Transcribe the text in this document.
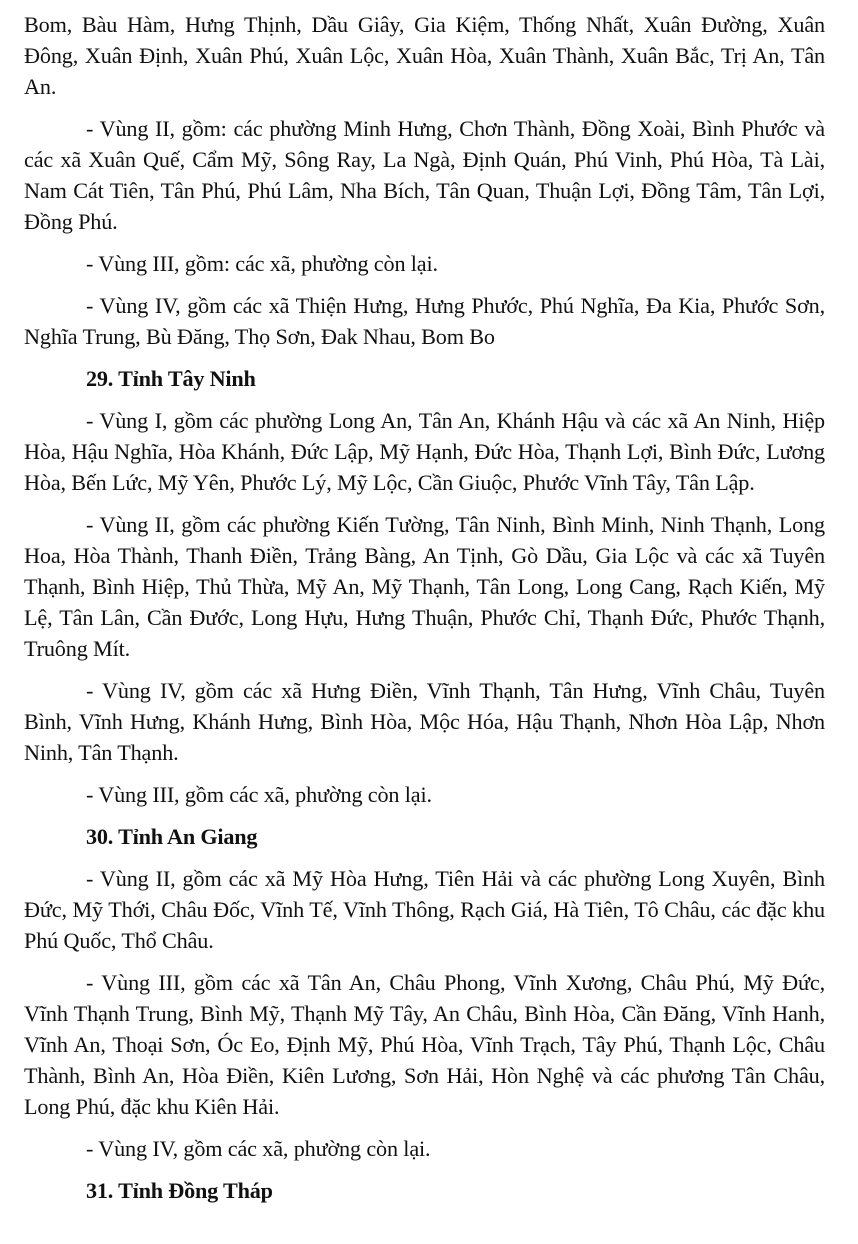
Bom, Bàu Hàm, Hưng Thịnh, Dầu Giây, Gia Kiệm, Thống Nhất, Xuân Đường, Xuân Đông, Xuân Định, Xuân Phú, Xuân Lộc, Xuân Hòa, Xuân Thành, Xuân Bắc, Trị An, Tân An.

- Vùng II, gồm: các phường Minh Hưng, Chơn Thành, Đồng Xoài, Bình Phước và các xã Xuân Quế, Cẩm Mỹ, Sông Ray, La Ngà, Định Quán, Phú Vinh, Phú Hòa, Tà Lài, Nam Cát Tiên, Tân Phú, Phú Lâm, Nha Bích, Tân Quan, Thuận Lợi, Đồng Tâm, Tân Lợi, Đồng Phú.

- Vùng III, gồm: các xã, phường còn lại.

- Vùng IV, gồm các xã Thiện Hưng, Hưng Phước, Phú Nghĩa, Đa Kia, Phước Sơn, Nghĩa Trung, Bù Đăng, Thọ Sơn, Đak Nhau, Bom Bo

29. Tỉnh Tây Ninh

- Vùng I, gồm các phường Long An, Tân An, Khánh Hậu và các xã An Ninh, Hiệp Hòa, Hậu Nghĩa, Hòa Khánh, Đức Lập, Mỹ Hạnh, Đức Hòa, Thạnh Lợi, Bình Đức, Lương Hòa, Bến Lức, Mỹ Yên, Phước Lý, Mỹ Lộc, Cần Giuộc, Phước Vĩnh Tây, Tân Lập.

- Vùng II, gồm các phường Kiến Tường, Tân Ninh, Bình Minh, Ninh Thạnh, Long Hoa, Hòa Thành, Thanh Điền, Trảng Bàng, An Tịnh, Gò Dầu, Gia Lộc và các xã Tuyên Thạnh, Bình Hiệp, Thủ Thừa, Mỹ An, Mỹ Thạnh, Tân Long, Long Cang, Rạch Kiến, Mỹ Lệ, Tân Lân, Cần Đước, Long Hựu, Hưng Thuận, Phước Chỉ, Thạnh Đức, Phước Thạnh, Truông Mít.

- Vùng IV, gồm các xã Hưng Điền, Vĩnh Thạnh, Tân Hưng, Vĩnh Châu, Tuyên Bình, Vĩnh Hưng, Khánh Hưng, Bình Hòa, Mộc Hóa, Hậu Thạnh, Nhơn Hòa Lập, Nhơn Ninh, Tân Thạnh.

- Vùng III, gồm các xã, phường còn lại.

30. Tỉnh An Giang

- Vùng II, gồm các xã Mỹ Hòa Hưng, Tiên Hải và các phường Long Xuyên, Bình Đức, Mỹ Thới, Châu Đốc, Vĩnh Tế, Vĩnh Thông, Rạch Giá, Hà Tiên, Tô Châu, các đặc khu Phú Quốc, Thổ Châu.

- Vùng III, gồm các xã Tân An, Châu Phong, Vĩnh Xương, Châu Phú, Mỹ Đức, Vĩnh Thạnh Trung, Bình Mỹ, Thạnh Mỹ Tây, An Châu, Bình Hòa, Cần Đăng, Vĩnh Hanh, Vĩnh An, Thoại Sơn, Óc Eo, Định Mỹ, Phú Hòa, Vĩnh Trạch, Tây Phú, Thạnh Lộc, Châu Thành, Bình An, Hòa Điền, Kiên Lương, Sơn Hải, Hòn Nghệ và các phương Tân Châu, Long Phú, đặc khu Kiên Hải.

- Vùng IV, gồm các xã, phường còn lại.

31. Tỉnh Đồng Tháp
